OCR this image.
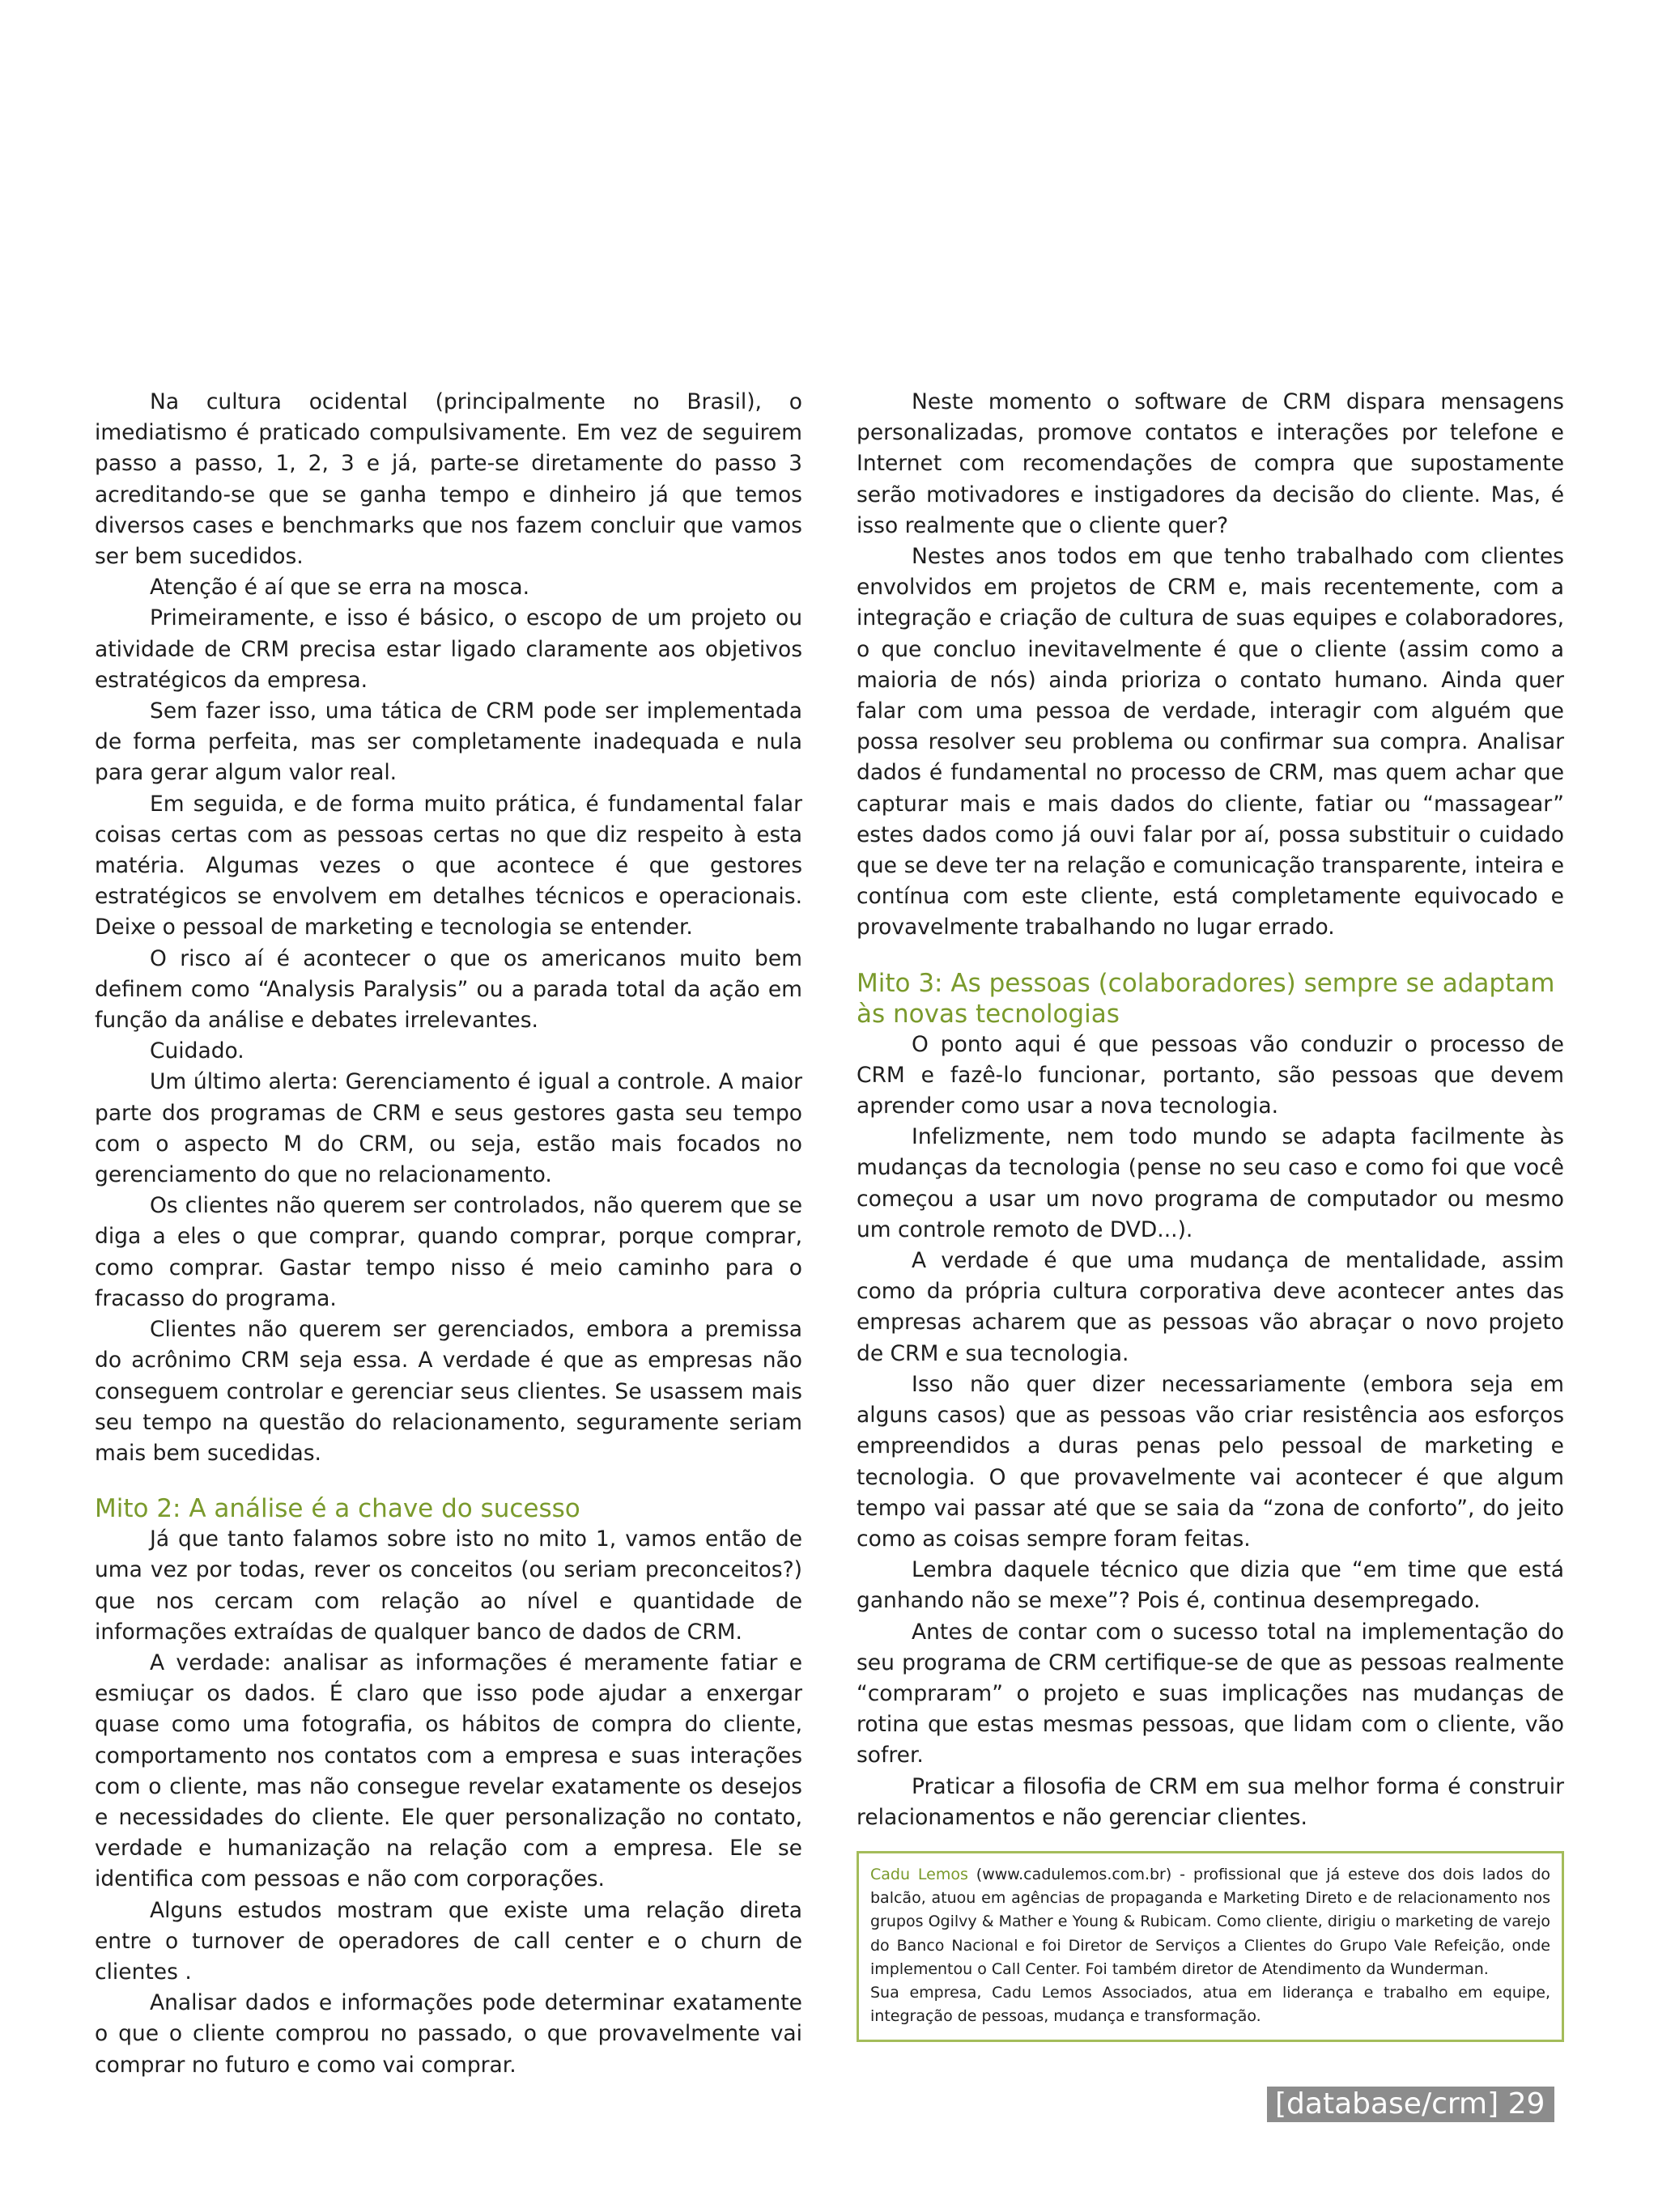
Na cultura ocidental (principalmente no Brasil), o imediatismo é praticado compulsivamente. Em vez de seguirem passo a passo, 1, 2, 3 e já, parte-se diretamente do passo 3 acreditando-se que se ganha tempo e dinheiro já que temos diversos cases e benchmarks que nos fazem concluir que vamos ser bem sucedidos.

Atenção é aí que se erra na mosca.

Primeiramente, e isso é básico, o escopo de um projeto ou atividade de CRM precisa estar ligado claramente aos objetivos estratégicos da empresa.

Sem fazer isso, uma tática de CRM pode ser implementada de forma perfeita, mas ser completamente inadequada e nula para gerar algum valor real.

Em seguida, e de forma muito prática, é fundamental falar coisas certas com as pessoas certas no que diz respeito à esta matéria. Algumas vezes o que acontece é que gestores estratégicos se envolvem em detalhes técnicos e operacionais. Deixe o pessoal de marketing e tecnologia se entender.

O risco aí é acontecer o que os americanos muito bem definem como “Analysis Paralysis” ou a parada total da ação em função da análise e debates irrelevantes.

Cuidado.

Um último alerta: Gerenciamento é igual a controle. A maior parte dos programas de CRM e seus gestores gasta seu tempo com o aspecto M do CRM, ou seja, estão mais focados no gerenciamento do que no relacionamento.

Os clientes não querem ser controlados, não querem que se diga a eles o que comprar, quando comprar, porque comprar, como comprar. Gastar tempo nisso é meio caminho para o fracasso do programa.

Clientes não querem ser gerenciados, embora a premissa do acrônimo CRM seja essa. A verdade é que as empresas não conseguem controlar e gerenciar seus clientes. Se usassem mais seu tempo na questão do relacionamento, seguramente seriam mais bem sucedidas.

Mito 2: A análise é a chave do sucesso

Já que tanto falamos sobre isto no mito 1, vamos então de uma vez por todas, rever os conceitos (ou seriam preconceitos?) que nos cercam com relação ao nível e quantidade de informações extraídas de qualquer banco de dados de CRM.

A verdade: analisar as informações é meramente fatiar e esmiuçar os dados. É claro que isso pode ajudar a enxergar quase como uma fotografia, os hábitos de compra do cliente, comportamento nos contatos com a empresa e suas interações com o cliente, mas não consegue revelar exatamente os desejos e necessidades do cliente. Ele quer personalização no contato, verdade e humanização na relação com a empresa. Ele se identifica com pessoas e não com corporações.

Alguns estudos mostram que existe uma relação direta entre o turnover de operadores de call center e o churn de clientes .

Analisar dados e informações pode determinar exatamente o que o cliente comprou no passado, o que provavelmente vai comprar no futuro e como vai comprar.

Neste momento o software de CRM dispara mensagens personalizadas, promove contatos e interações por telefone e Internet com recomendações de compra que supostamente serão motivadores e instigadores da decisão do cliente. Mas, é isso realmente que o cliente quer?

Nestes anos todos em que tenho trabalhado com clientes envolvidos em projetos de CRM e, mais recentemente, com a integração e criação de cultura de suas equipes e colaboradores, o que concluo inevitavelmente é que o cliente (assim como a maioria de nós) ainda prioriza o contato humano. Ainda quer falar com uma pessoa de verdade, interagir com alguém que possa resolver seu problema ou confirmar sua compra. Analisar dados é fundamental no processo de CRM, mas quem achar que capturar mais e mais dados do cliente, fatiar ou “massagear” estes dados como já ouvi falar por aí, possa substituir o cuidado que se deve ter na relação e comunicação transparente, inteira e contínua com este cliente, está completamente equivocado e provavelmente trabalhando no lugar errado.

Mito 3: As pessoas (colaboradores) sempre se adaptam às novas tecnologias

O ponto aqui é que pessoas vão conduzir o processo de CRM e fazê-lo funcionar, portanto, são pessoas que devem aprender como usar a nova tecnologia.

Infelizmente, nem todo mundo se adapta facilmente às mudanças da tecnologia (pense no seu caso e como foi que você começou a usar um novo programa de computador ou mesmo um controle remoto de DVD...).

A verdade é que uma mudança de mentalidade, assim como da própria cultura corporativa deve acontecer antes das empresas acharem que as pessoas vão abraçar o novo projeto de CRM e sua tecnologia.

Isso não quer dizer necessariamente (embora seja em alguns casos) que as pessoas vão criar resistência aos esforços empreendidos a duras penas pelo pessoal de marketing e tecnologia. O que provavelmente vai acontecer é que algum tempo vai passar até que se saia da “zona de conforto”, do jeito como as coisas sempre foram feitas.

Lembra daquele técnico que dizia que “em time que está ganhando não se mexe”? Pois é, continua desempregado.

Antes de contar com o sucesso total na implementação do seu programa de CRM certifique-se de que as pessoas realmente “compraram” o projeto e suas implicações nas mudanças de rotina que estas mesmas pessoas, que lidam com o cliente, vão sofrer.

Praticar a filosofia de CRM em sua melhor forma é construir relacionamentos e não gerenciar clientes.

Cadu Lemos (www.cadulemos.com.br) - profissional que já esteve dos dois lados do balcão, atuou em agências de propaganda e Marketing Direto e de relacionamento nos grupos Ogilvy & Mather e Young & Rubicam. Como cliente, dirigiu o marketing de varejo do Banco Nacional e foi Diretor de Serviços a Clientes do Grupo Vale Refeição, onde implementou o Call Center. Foi também diretor de Atendimento da Wunderman.

Sua empresa, Cadu Lemos Associados, atua em liderança e trabalho em equipe, integração de pessoas, mudança e transformação.

[database/crm] 29
